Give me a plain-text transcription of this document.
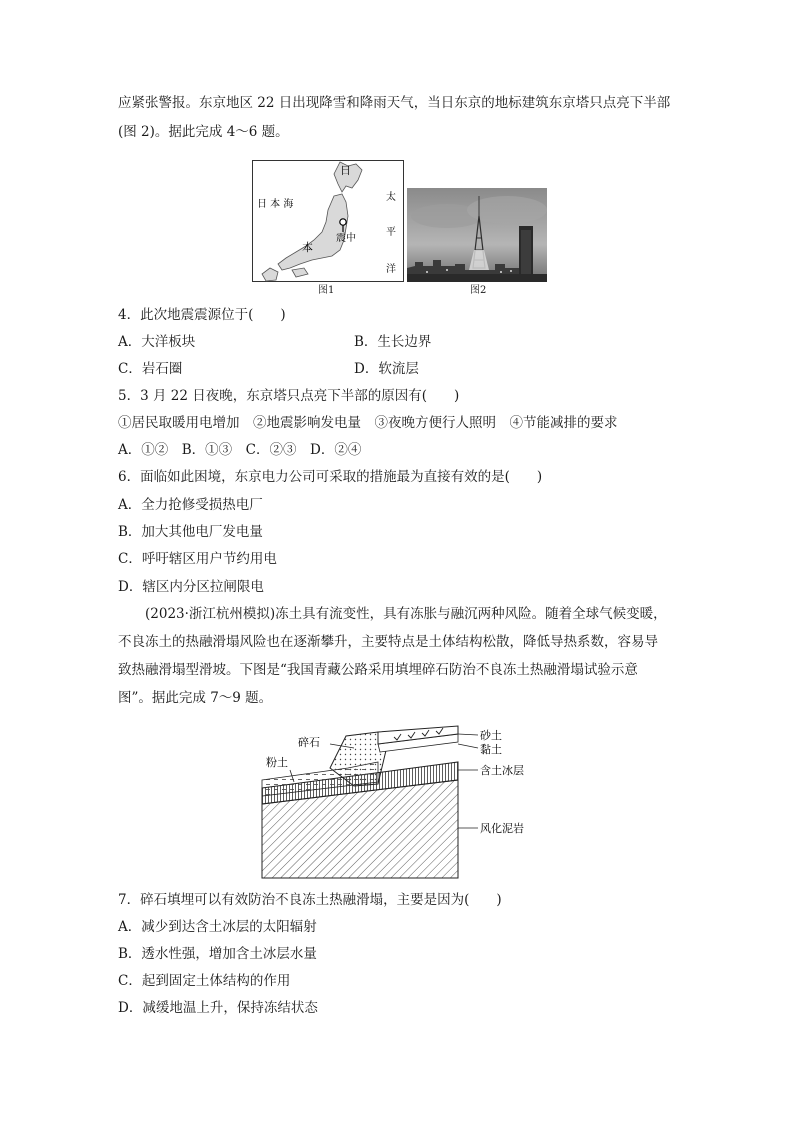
应紧张警报。东京地区 22 日出现降雪和降雨天气，当日东京的地标建筑东京塔只点亮下半部
(图 2)。据此完成 4～6 题。
日
日 本 海
本
震中
太
平
洋
图1	图2
4．此次地震震源位于(　　)
A．大洋板块	B．生长边界
C．岩石圈	D．软流层
5．3 月 22 日夜晚，东京塔只点亮下半部的原因有(　　)
①居民取暖用电增加　②地震影响发电量　③夜晚方便行人照明　④节能减排的要求
A．①②　B．①③　C．②③　D．②④
6．面临如此困境，东京电力公司可采取的措施最为直接有效的是(　　)
A．全力抢修受损热电厂
B．加大其他电厂发电量
C．呼吁辖区用户节约用电
D．辖区内分区拉闸限电
　　(2023·浙江杭州模拟)冻土具有流变性，具有冻胀与融沉两种风险。随着全球气候变暖，
不良冻土的热融滑塌风险也在逐渐攀升，主要特点是土体结构松散，降低导热系数，容易导
致热融滑塌型滑坡。下图是“我国青藏公路采用填埋碎石防治不良冻土热融滑塌试验示意
图”。据此完成 7～9 题。
碎石
粉土
砂土
黏土
含土冰层
风化泥岩
7．碎石填埋可以有效防治不良冻土热融滑塌，主要是因为(　　)
A．减少到达含土冰层的太阳辐射
B．透水性强，增加含土冰层水量
C．起到固定土体结构的作用
D．减缓地温上升，保持冻结状态
